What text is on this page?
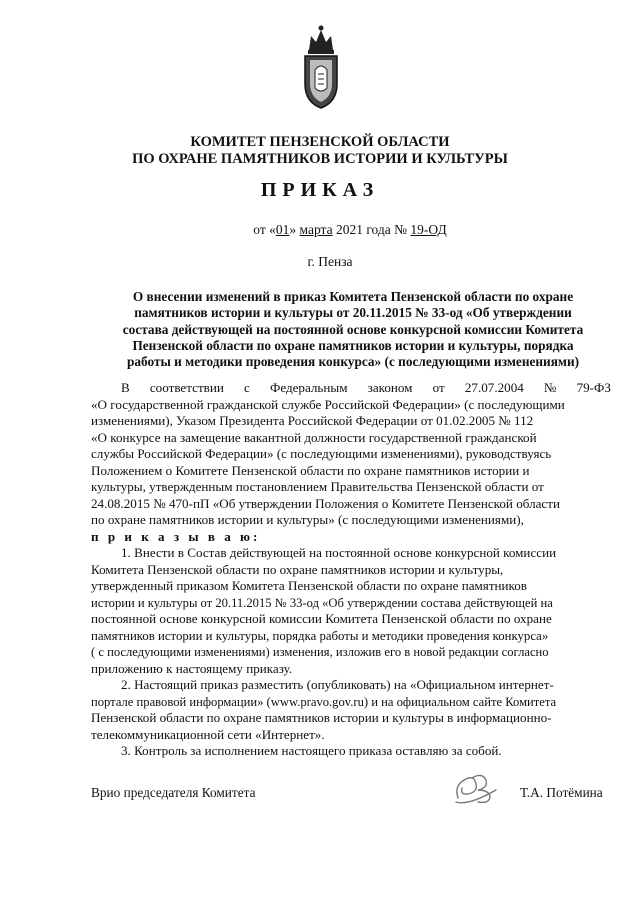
КОМИТЕТ ПЕНЗЕНСКОЙ ОБЛАСТИ
ПО ОХРАНЕ ПАМЯТНИКОВ ИСТОРИИ И КУЛЬТУРЫ
ПРИКАЗ
от «01» марта 2021 года № 19-ОД
г. Пенза
О внесении изменений в приказ Комитета Пензенской области по охране
памятников истории и культуры от 20.11.2015 № 33-од «Об утверждении
состава действующей на постоянной основе конкурсной комиссии Комитета
Пензенской области по охране памятников истории и культуры, порядка
работы и методики проведения конкурса» (с последующими изменениями)
В соответствии с Федеральным законом от 27.07.2004 № 79-ФЗ
«О государственной гражданской службе Российской Федерации» (с последующими
изменениями), Указом Президента Российской Федерации от 01.02.2005 № 112
«О конкурсе на замещение вакантной должности государственной гражданской
службы Российской Федерации» (с последующими изменениями), руководствуясь
Положением о Комитете Пензенской области по охране памятников истории и
культуры, утвержденным постановлением Правительства Пензенской области от
24.08.2015 № 470-пП «Об утверждении Положения о Комитете Пензенской области
по охране памятников истории и культуры» (с последующими изменениями),
п р и к а з ы в а ю:
1. Внести в Состав действующей на постоянной основе конкурсной комиссии
Комитета Пензенской области по охране памятников истории и культуры,
утвержденный приказом Комитета Пензенской области по охране памятников
истории и культуры от 20.11.2015 № 33-од «Об утверждении состава действующей на
постоянной основе конкурсной комиссии Комитета Пензенской области по охране
памятников истории и культуры, порядка работы и методики проведения конкурса»
( с последующими изменениями) изменения, изложив его в новой редакции согласно
приложению к настоящему приказу.
2. Настоящий приказ разместить (опубликовать) на «Официальном интернет-
портале правовой информации» (www.pravo.gov.ru) и на официальном сайте Комитета
Пензенской области по охране памятников истории и культуры в информационно-
телекоммуникационной сети «Интернет».
3. Контроль за исполнением настоящего приказа оставляю за собой.
Врио председателя Комитета	Т.А. Потёмина
